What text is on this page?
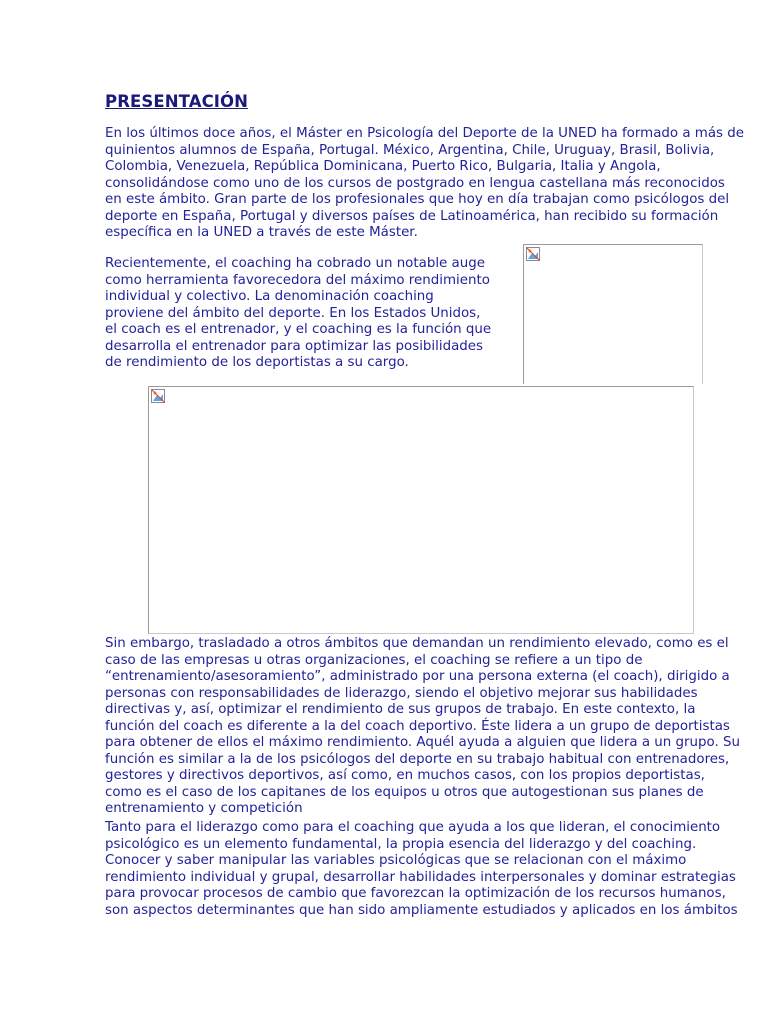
PRESENTACIÓN

En los últimos doce años, el Máster en Psicología del Deporte de la UNED ha formado a más de quinientos alumnos de España, Portugal. México, Argentina, Chile, Uruguay, Brasil, Bolivia, Colombia, Venezuela, República Dominicana, Puerto Rico, Bulgaria, Italia y Angola, consolidándose como uno de los cursos de postgrado en lengua castellana más reconocidos en este ámbito. Gran parte de los profesionales que hoy en día trabajan como psicólogos del deporte en España, Portugal y diversos países de Latinoamérica, han recibido su formación específica en la UNED a través de este Máster.

Recientemente, el coaching ha cobrado un notable auge como herramienta favorecedora del máximo rendimiento individual y colectivo. La denominación coaching proviene del ámbito del deporte. En los Estados Unidos, el coach es el entrenador, y el coaching es la función que desarrolla el entrenador para optimizar las posibilidades de rendimiento de los deportistas a su cargo.

Sin embargo, trasladado a otros ámbitos que demandan un rendimiento elevado, como es el caso de las empresas u otras organizaciones, el coaching se refiere a un tipo de “entrenamiento/asesoramiento”, administrado por una persona externa (el coach), dirigido a personas con responsabilidades de liderazgo, siendo el objetivo mejorar sus habilidades directivas y, así, optimizar el rendimiento de sus grupos de trabajo. En este contexto, la función del coach es diferente a la del coach deportivo. Éste lidera a un grupo de deportistas para obtener de ellos el máximo rendimiento. Aquél ayuda a alguien que lidera a un grupo. Su función es similar a la de los psicólogos del deporte en su trabajo habitual con entrenadores, gestores y directivos deportivos, así como, en muchos casos, con los propios deportistas, como es el caso de los capitanes de los equipos u otros que autogestionan sus planes de entrenamiento y competición

Tanto para el liderazgo como para el coaching que ayuda a los que lideran, el conocimiento psicológico es un elemento fundamental, la propia esencia del liderazgo y del coaching. Conocer y saber manipular las variables psicológicas que se relacionan con el máximo rendimiento individual y grupal, desarrollar habilidades interpersonales y dominar estrategias para provocar procesos de cambio que favorezcan la optimización de los recursos humanos, son aspectos determinantes que han sido ampliamente estudiados y aplicados en los ámbitos
